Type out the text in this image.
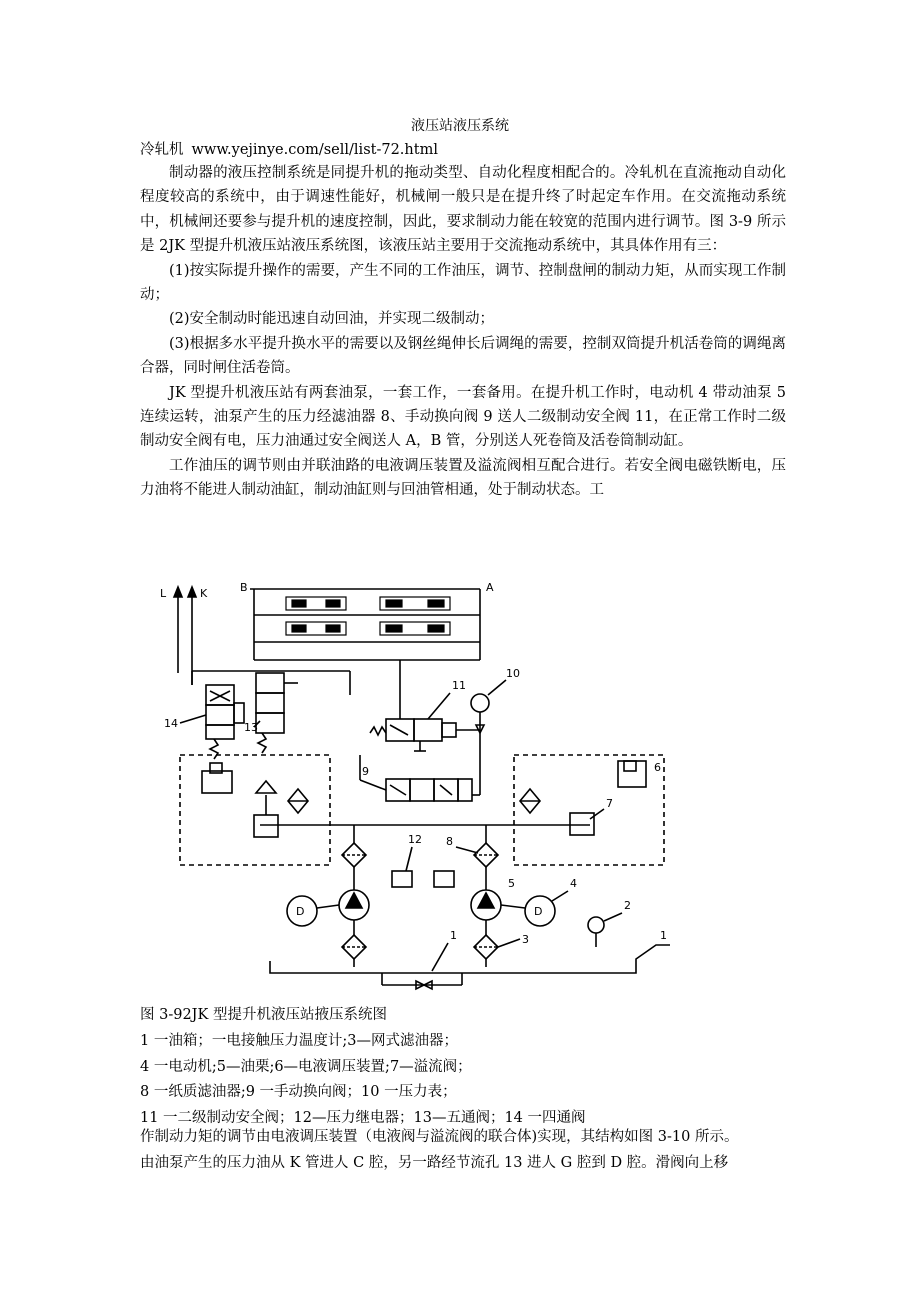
液压站液压系统
冷轧机 www.yejinye.com/sell/list-72.html

制动器的液压控制系统是同提升机的拖动类型、自动化程度相配合的。冷轧机在直流拖动自动化程度较高的系统中，由于调速性能好，机械闸一般只是在提升终了时起定车作用。在交流拖动系统中，机械闸还要参与提升机的速度控制，因此，要求制动力能在较宽的范围内进行调节。图 3-9 所示是 2JK 型提升机液压站液压系统图，该液压站主要用于交流拖动系统中，其具体作用有三：

(1)按实际提升操作的需要，产生不同的工作油压，调节、控制盘闸的制动力矩，从而实现工作制动；

(2)安全制动时能迅速自动回油，并实现二级制动；

(3)根据多水平提升换水平的需要以及钢丝绳伸长后调绳的需要，控制双筒提升机活卷筒的调绳离合器，同时闸住活卷筒。

JK 型提升机液压站有两套油泵，一套工作，一套备用。在提升机工作时，电动机 4 带动油泵 5 连续运转，油泵产生的压力经滤油器 8、手动换向阀 9 送人二级制动安全阀 11，在正常工作时二级制动安全阀有电，压力油通过安全阀送人 A，B 管，分别送人死卷筒及活卷筒制动缸。

工作油压的调节则由并联油路的电液调压装置及溢流阀相互配合进行。若安全阀电磁铁断电，压力油将不能进人制动油缸，制动油缸则与回油管相通，处于制动状态。工

L	K	B	A
14	13
11
10
9	6
7
8
12
5
D	D
4
3
2
1	1
图 3-92JK 型提升机液压站掖压系统图
1 一油箱；一电接触压力温度计;3—网式滤油器；
4 一电动机;5—油栗;6—电液调压装置;7—溢流阀；
8 一纸质滤油器;9 一手动换向阀；10 一压力表；
11 一二级制动安全阀；12—压力继电器；13—五通阀；14 一四通阀
作制动力矩的调节由电液调压装置（电液阀与溢流阀的联合体)实现，其结构如图 3-10 所示。
由油泵产生的压力油从 K 管进人 C 腔，另一路经节流孔 13 进人 G 腔到 D 腔。滑阀向上移
